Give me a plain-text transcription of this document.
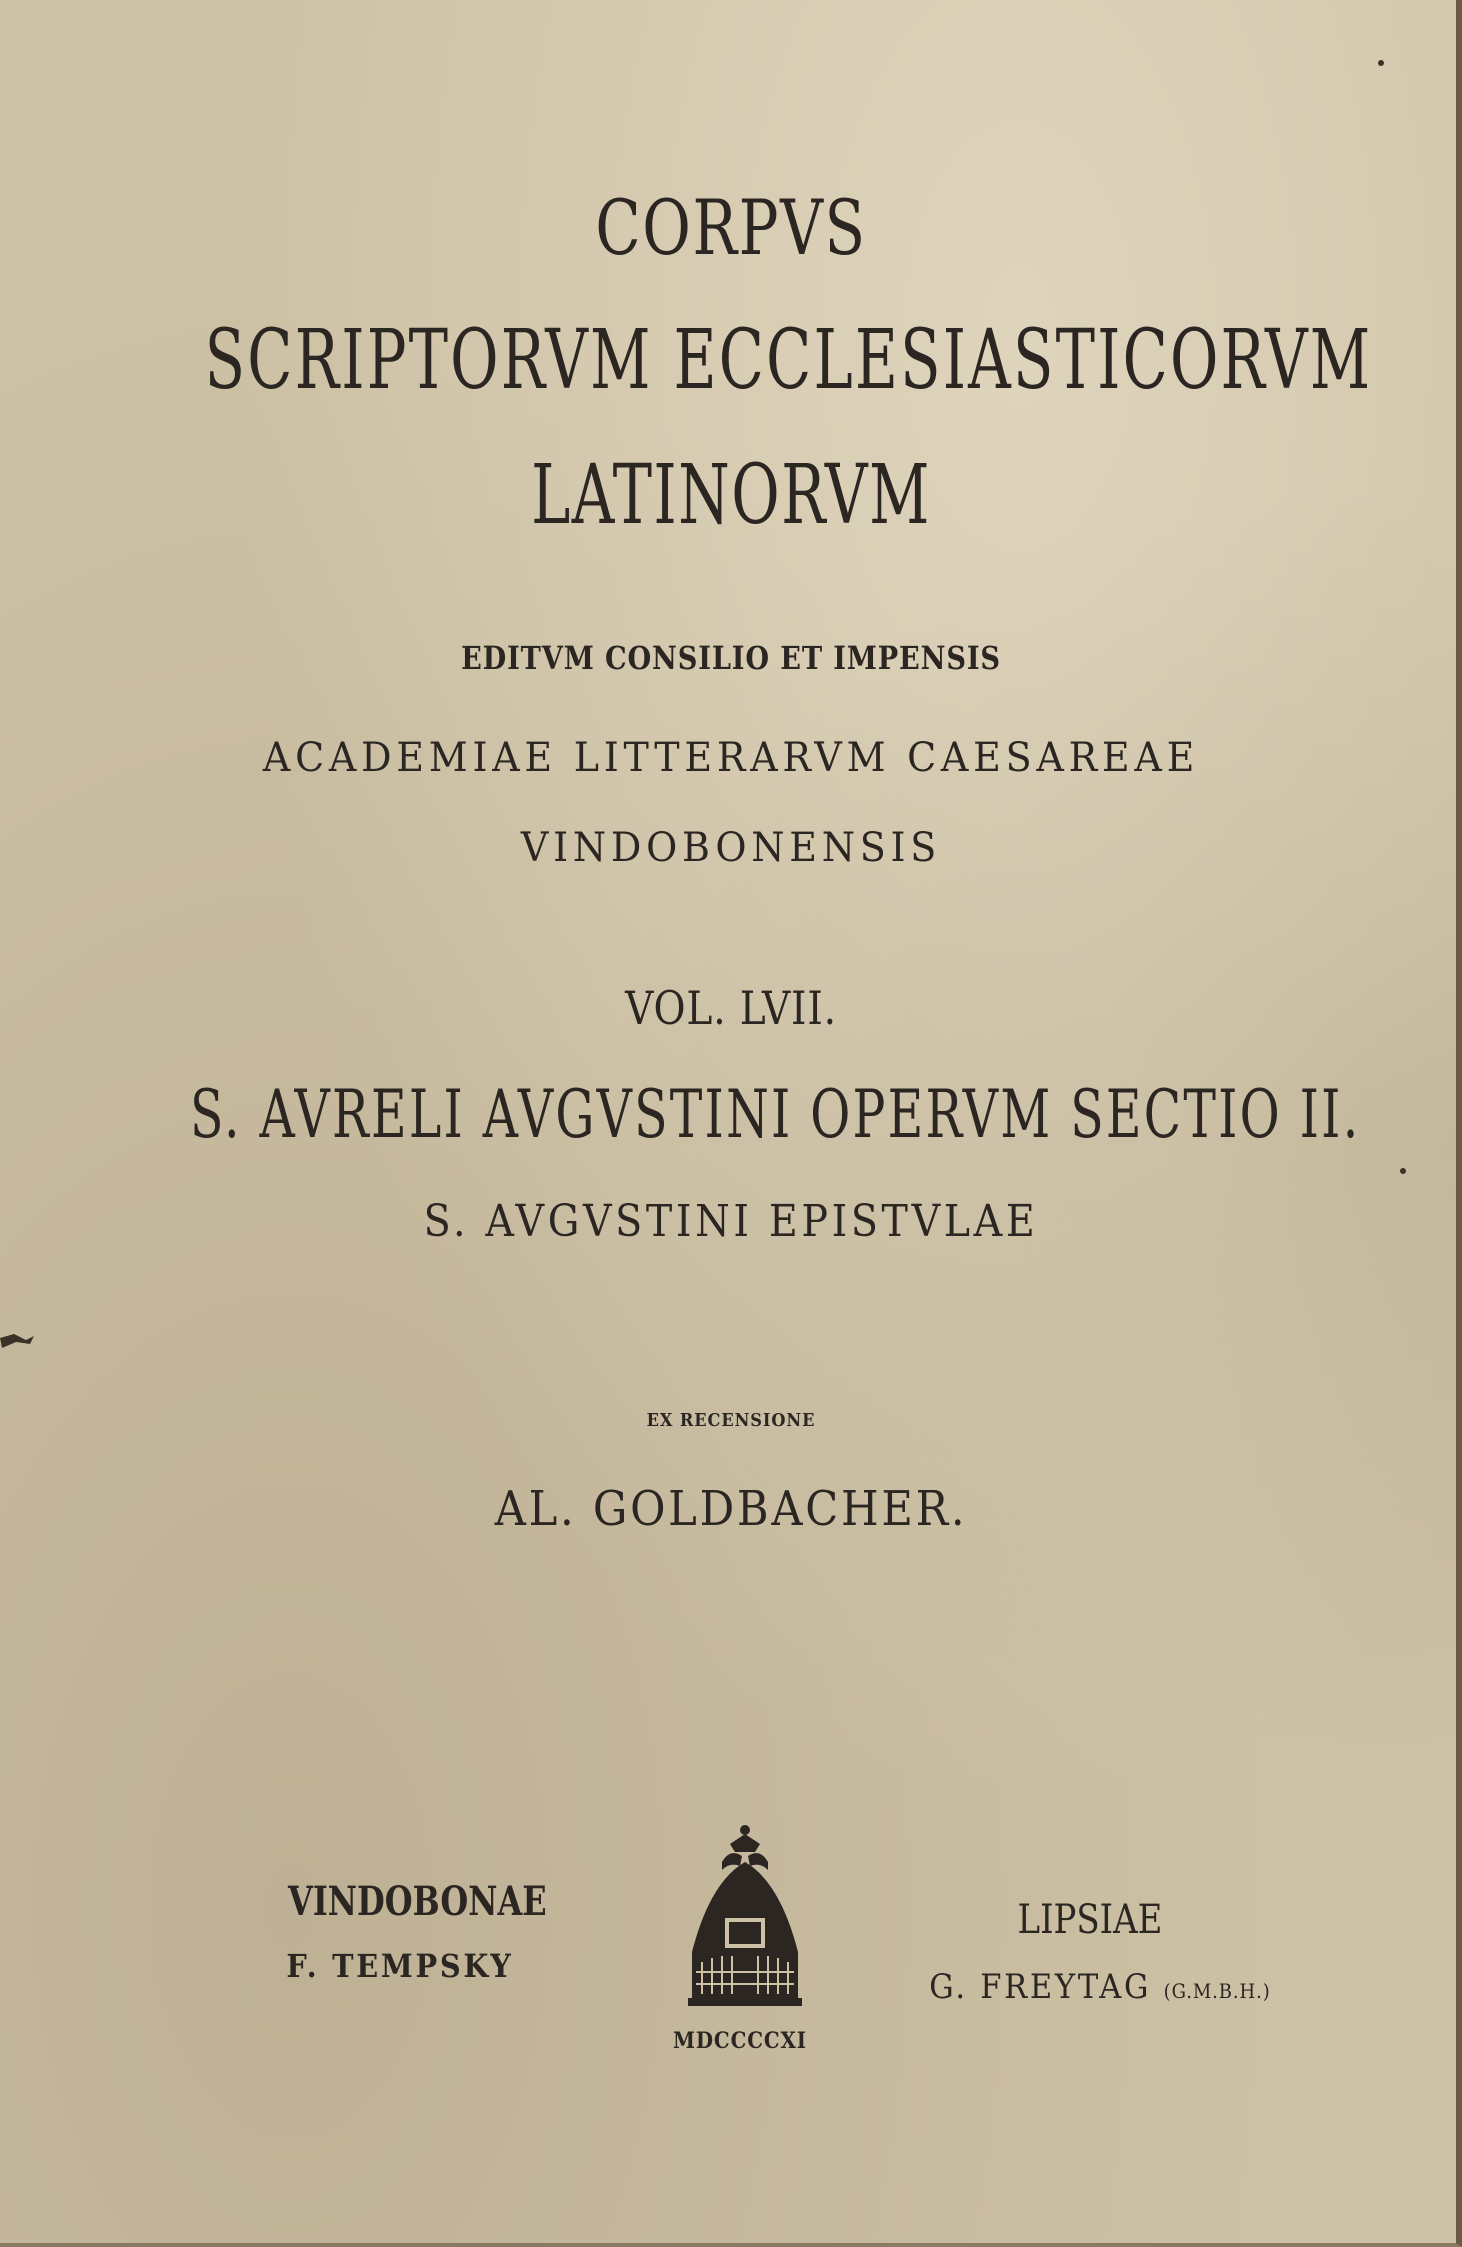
CORPVS
SCRIPTORVM ECCLESIASTICORVM
LATINORVM
EDITVM CONSILIO ET IMPENSIS
ACADEMIAE LITTERARVM CAESAREAE
VINDOBONENSIS
VOL. LVII.
S. AVRELI AVGVSTINI OPERVM SECTIO II.
S. AVGVSTINI EPISTVLAE
EX RECENSIONE
AL. GOLDBACHER.
VINDOBONAE
F. TEMPSKY
LIPSIAE
G. FREYTAG (G.M.B.H.)
MDCCCCXI
